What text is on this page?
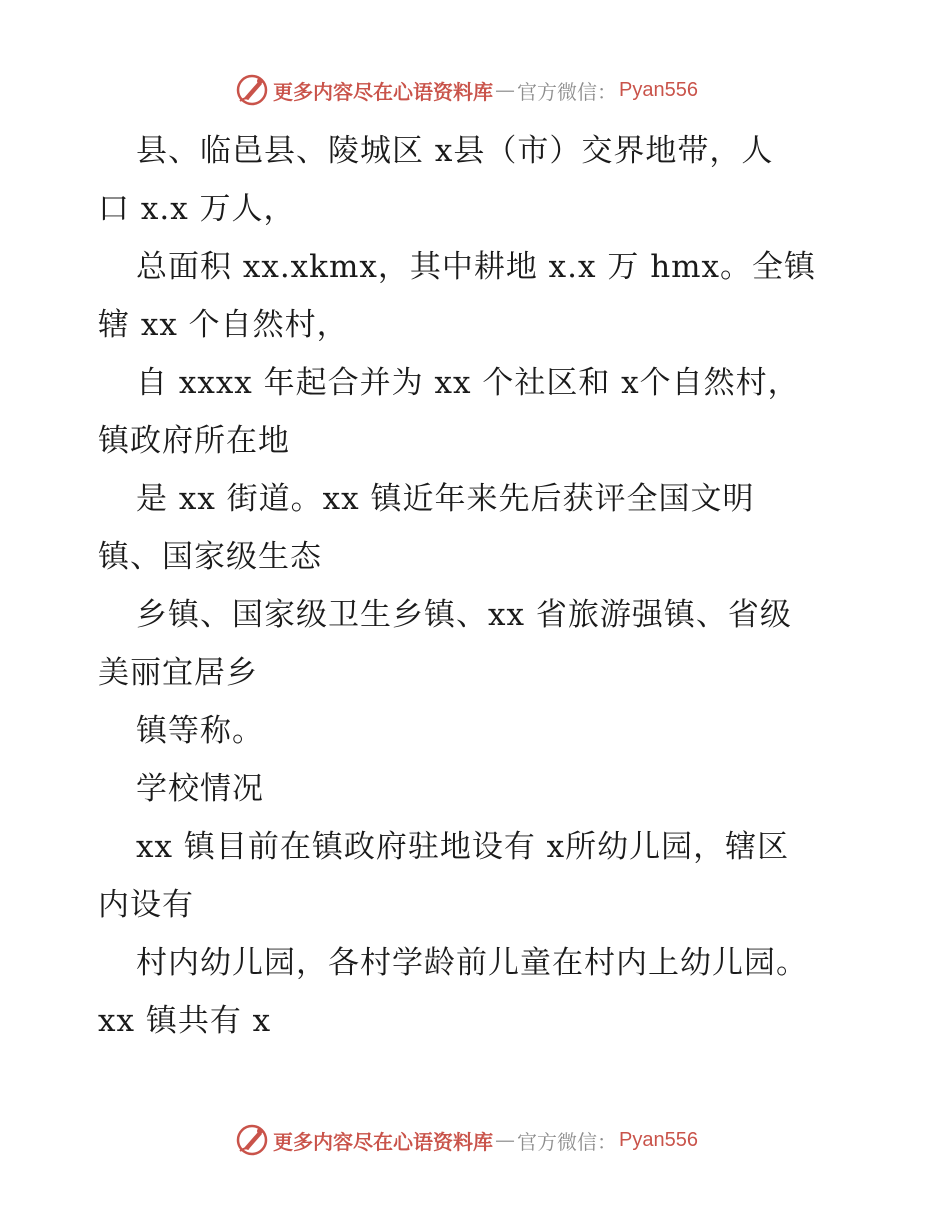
更多内容尽在心语资料库 — 官方微信： Pyan556
县、临邑县、陵城区 x县（市）交界地带，人
口 x.x 万人，
总面积 xx.xkmx，其中耕地 x.x 万 hmx。全镇
辖 xx 个自然村，
自 xxxx 年起合并为 xx 个社区和 x个自然村，
镇政府所在地
是 xx 街道。xx 镇近年来先后获评全国文明
镇、国家级生态
乡镇、国家级卫生乡镇、xx 省旅游强镇、省级
美丽宜居乡
镇等称。
学校情况
xx 镇目前在镇政府驻地设有 x所幼儿园，辖区
内设有
村内幼儿园，各村学龄前儿童在村内上幼儿园。
xx 镇共有 x
更多内容尽在心语资料库 — 官方微信： Pyan556
